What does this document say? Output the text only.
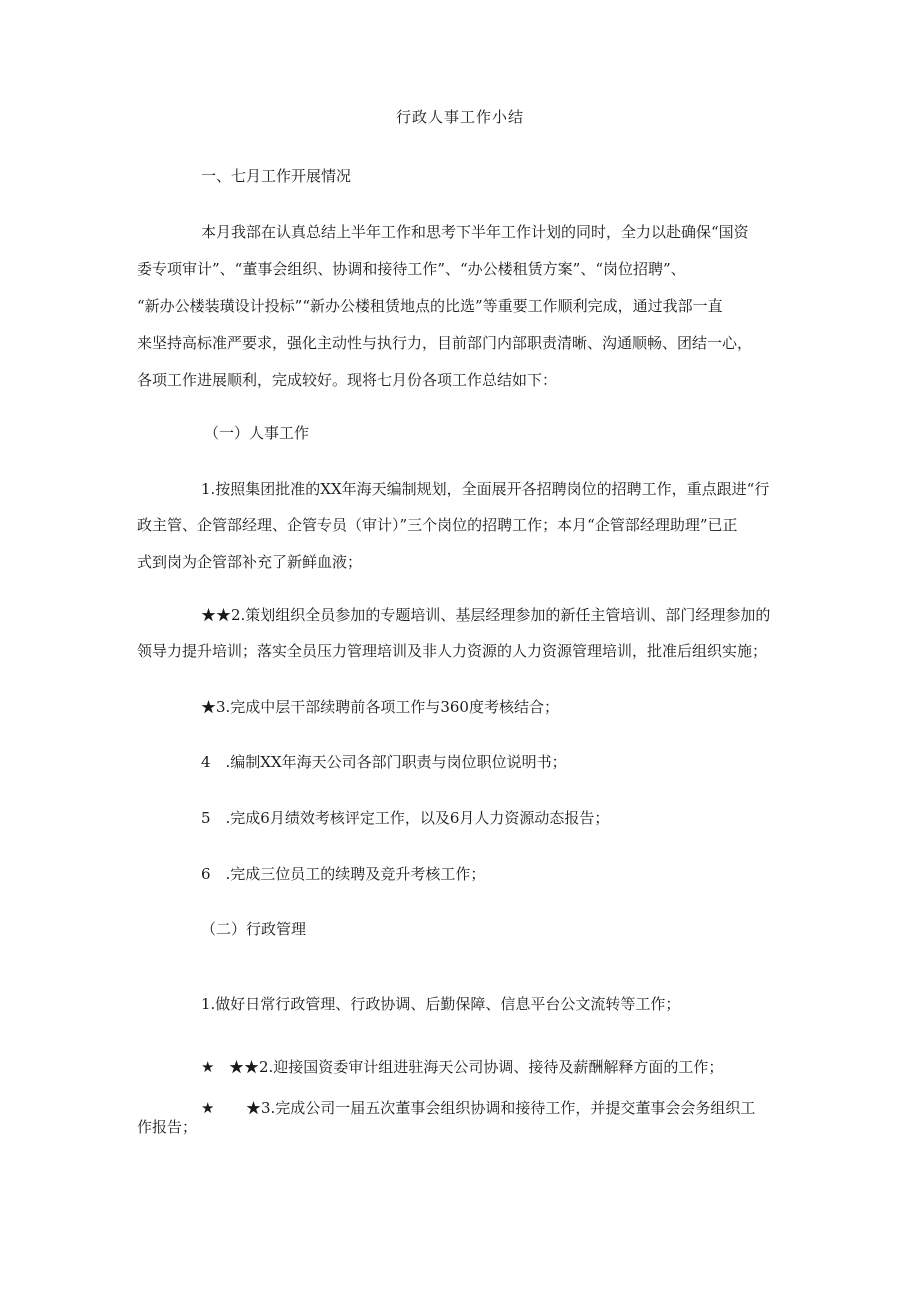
行政人事工作小结
一、七月工作开展情况
本月我部在认真总结上半年工作和思考下半年工作计划的同时，全力以赴确保“国资
委专项审计”、“董事会组织、协调和接待工作”、“办公楼租赁方案”、“岗位招聘”、
“新办公楼装璜设计投标”“新办公楼租赁地点的比选”等重要工作顺利完成，通过我部一直
来坚持高标准严要求，强化主动性与执行力，目前部门内部职责清晰、沟通顺畅、团结一心，
各项工作进展顺利，完成较好。现将七月份各项工作总结如下：
（一）人事工作
1.按照集团批准的XX年海天编制规划，全面展开各招聘岗位的招聘工作，重点跟进“行
政主管、企管部经理、企管专员（审计）”三个岗位的招聘工作；本月“企管部经理助理”已正
式到岗为企管部补充了新鲜血液；
★★2.策划组织全员参加的专题培训、基层经理参加的新任主管培训、部门经理参加的
领导力提升培训；落实全员压力管理培训及非人力资源的人力资源管理培训，批准后组织实施；
★3.完成中层干部续聘前各项工作与360度考核结合；
4　.编制XX年海天公司各部门职责与岗位职位说明书；
5　.完成6月绩效考核评定工作，以及6月人力资源动态报告；
6　.完成三位员工的续聘及竞升考核工作；
（二）行政管理
1.做好日常行政管理、行政协调、后勤保障、信息平台公文流转等工作；
★ ★★2.迎接国资委审计组进驻海天公司协调、接待及薪酬解释方面的工作；
★ ★3.完成公司一届五次董事会组织协调和接待工作，并提交董事会会务组织工
作报告；
